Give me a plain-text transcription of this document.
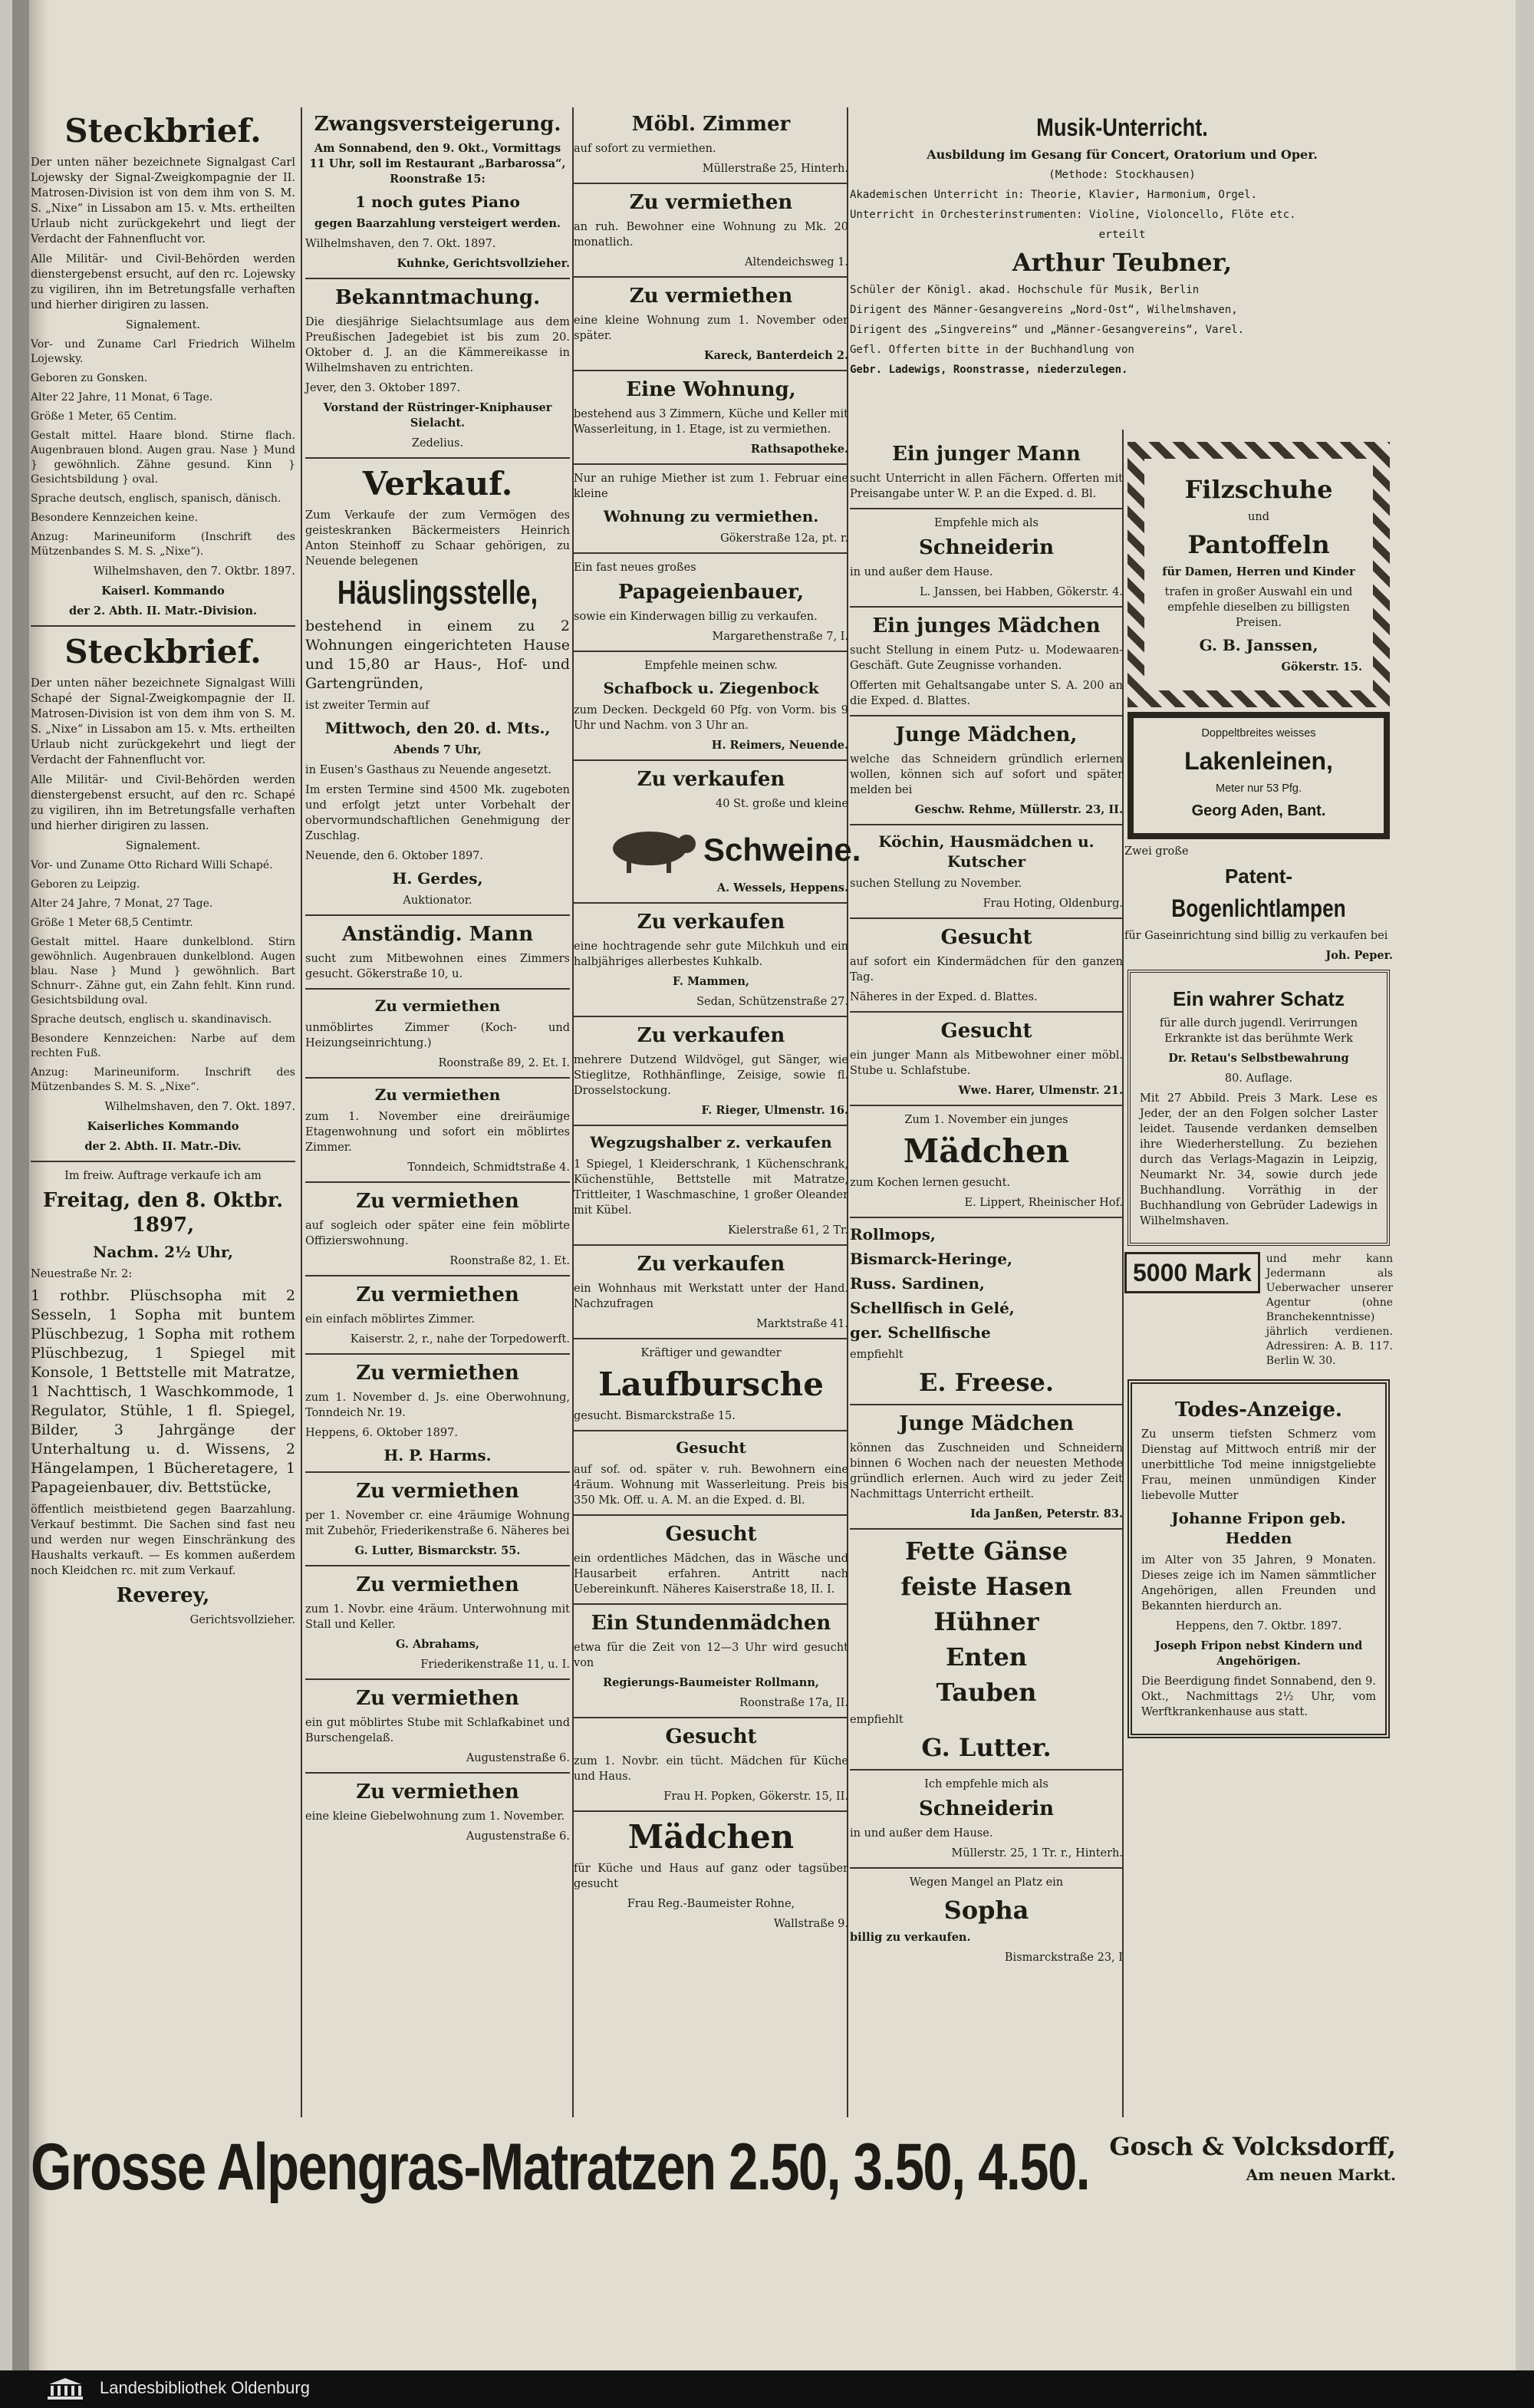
Steckbrief.

Der unten näher bezeichnete Signalgast Carl Lojewsky der Signal-Zweigkompagnie der II. Matrosen-Division ist von dem ihm von S. M. S. „Nixe“ in Lissabon am 15. v. Mts. ertheilten Urlaub nicht zurückgekehrt und liegt der Verdacht der Fahnenflucht vor.

Alle Militär- und Civil-Behörden werden dienstergebenst ersucht, auf den rc. Lojewsky zu vigiliren, ihn im Betretungsfalle verhaften und hierher dirigiren zu lassen.

Signalement.

Vor- und Zuname Carl Friedrich Wilhelm Lojewsky.

Geboren zu Gonsken.

Alter 22 Jahre, 11 Monat, 6 Tage.

Größe 1 Meter, 65 Centim.

Gestalt mittel. Haare blond. Stirne flach. Augenbrauen blond. Augen grau. Nase } Mund } gewöhnlich. Zähne gesund. Kinn } Gesichtsbildung } oval.

Sprache deutsch, englisch, spanisch, dänisch.

Besondere Kennzeichen keine.

Anzug: Marineuniform (Inschrift des Mützenbandes S. M. S. „Nixe“).

Wilhelmshaven, den 7. Oktbr. 1897.

Kaiserl. Kommando

der 2. Abth. II. Matr.-Division.

Steckbrief.

Der unten näher bezeichnete Signalgast Willi Schapé der Signal-Zweigkompagnie der II. Matrosen-Division ist von dem ihm von S. M. S. „Nixe“ in Lissabon am 15. v. Mts. ertheilten Urlaub nicht zurückgekehrt und liegt der Verdacht der Fahnenflucht vor.

Alle Militär- und Civil-Behörden werden dienstergebenst ersucht, auf den rc. Schapé zu vigiliren, ihn im Betretungsfalle verhaften und hierher dirigiren zu lassen.

Signalement.

Vor- und Zuname Otto Richard Willi Schapé.

Geboren zu Leipzig.

Alter 24 Jahre, 7 Monat, 27 Tage.

Größe 1 Meter 68,5 Centimtr.

Gestalt mittel. Haare dunkelblond. Stirn gewöhnlich. Augenbrauen dunkelblond. Augen blau. Nase } Mund } gewöhnlich. Bart Schnurr-. Zähne gut, ein Zahn fehlt. Kinn rund. Gesichtsbildung oval.

Sprache deutsch, englisch u. skandinavisch.

Besondere Kennzeichen: Narbe auf dem rechten Fuß.

Anzug: Marineuniform. Inschrift des Mützenbandes S. M. S. „Nixe“.

Wilhelmshaven, den 7. Okt. 1897.

Kaiserliches Kommando

der 2. Abth. II. Matr.-Div.

Im freiw. Auftrage verkaufe ich am

Freitag, den 8. Oktbr. 1897,
Nachm. 2½ Uhr,

Neuestraße Nr. 2:

1 rothbr. Plüschsopha mit 2 Sesseln, 1 Sopha mit buntem Plüschbezug, 1 Sopha mit rothem Plüschbezug, 1 Spiegel mit Konsole, 1 Bettstelle mit Matratze, 1 Nachttisch, 1 Waschkommode, 1 Regulator, Stühle, 1 fl. Spiegel, Bilder, 3 Jahrgänge der Unterhaltung u. d. Wissens, 2 Hängelampen, 1 Bücheretagere, 1 Papageienbauer, div. Bettstücke,

öffentlich meistbietend gegen Baarzahlung. Verkauf bestimmt. Die Sachen sind fast neu und werden nur wegen Einschränkung des Haushalts verkauft. — Es kommen außerdem noch Kleidchen rc. mit zum Verkauf.

Reverey,

Gerichtsvollzieher.

Zwangsversteigerung.

Am Sonnabend, den 9. Okt., Vormittags 11 Uhr, soll im Restaurant „Barbarossa“, Roonstraße 15:

1 noch gutes Piano

gegen Baarzahlung versteigert werden.

Wilhelmshaven, den 7. Okt. 1897.

Kuhnke, Gerichtsvollzieher.

Bekanntmachung.

Die diesjährige Sielachtsumlage aus dem Preußischen Jadegebiet ist bis zum 20. Oktober d. J. an die Kämmereikasse in Wilhelmshaven zu entrichten.

Jever, den 3. Oktober 1897.

Vorstand der Rüstringer-Kniphauser Sielacht.

Zedelius.

Verkauf.

Zum Verkaufe der zum Vermögen des geisteskranken Bäckermeisters Heinrich Anton Steinhoff zu Schaar gehörigen, zu Neuende belegenen

Häuslingsstelle,

bestehend in einem zu 2 Wohnungen eingerichteten Hause und 15,80 ar Haus-, Hof- und Gartengründen,

ist zweiter Termin auf

Mittwoch, den 20. d. Mts.,

Abends 7 Uhr,

in Eusen's Gasthaus zu Neuende angesetzt.

Im ersten Termine sind 4500 Mk. zugeboten und erfolgt jetzt unter Vorbehalt der obervormundschaftlichen Genehmigung der Zuschlag.

Neuende, den 6. Oktober 1897.

H. Gerdes,

Auktionator.

Anständig. Mann

sucht zum Mitbewohnen eines Zimmers gesucht. Gökerstraße 10, u.

Zu vermiethen

unmöblirtes Zimmer (Koch- und Heizungseinrichtung.)

Roonstraße 89, 2. Et. I.

Zu vermiethen

zum 1. November eine dreiräumige Etagenwohnung und sofort ein möblirtes Zimmer.

Tonndeich, Schmidtstraße 4.

Zu vermiethen

auf sogleich oder später eine fein möblirte Offizierswohnung.

Roonstraße 82, 1. Et.

Zu vermiethen

ein einfach möblirtes Zimmer.

Kaiserstr. 2, r., nahe der Torpedowerft.

Zu vermiethen

zum 1. November d. Js. eine Oberwohnung, Tonndeich Nr. 19.

Heppens, 6. Oktober 1897.

H. P. Harms.
Zu vermiethen

per 1. November cr. eine 4räumige Wohnung mit Zubehör, Friederikenstraße 6. Näheres bei

G. Lutter, Bismarckstr. 55.

Zu vermiethen

zum 1. Novbr. eine 4räum. Unterwohnung mit Stall und Keller.

G. Abrahams,

Friederikenstraße 11, u. I.

Zu vermiethen

ein gut möblirtes Stube mit Schlafkabinet und Burschengelaß.

Augustenstraße 6.

Zu vermiethen

eine kleine Giebelwohnung zum 1. November.

Augustenstraße 6.

Möbl. Zimmer

auf sofort zu vermiethen.

Müllerstraße 25, Hinterh.

Zu vermiethen

an ruh. Bewohner eine Wohnung zu Mk. 20 monatlich.

Altendeichsweg 1.

Zu vermiethen

eine kleine Wohnung zum 1. November oder später.

Kareck, Banterdeich 2.

Eine Wohnung,

bestehend aus 3 Zimmern, Küche und Keller mit Wasserleitung, in 1. Etage, ist zu vermiethen.

Rathsapotheke.

Nur an ruhige Miether ist zum 1. Februar eine kleine

Wohnung zu vermiethen.

Gökerstraße 12a, pt. r.

Ein fast neues großes

Papageienbauer,

sowie ein Kinderwagen billig zu verkaufen.

Margarethenstraße 7, I.

Empfehle meinen schw.

Schafbock u. Ziegenbock

zum Decken. Deckgeld 60 Pfg. von Vorm. bis 9 Uhr und Nachm. von 3 Uhr an.

H. Reimers, Neuende.

Zu verkaufen

40 St. große und kleine

Schweine.

A. Wessels, Heppens.

Zu verkaufen

eine hochtragende sehr gute Milchkuh und ein halbjähriges allerbestes Kuhkalb.

F. Mammen,

Sedan, Schützenstraße 27.

Zu verkaufen

mehrere Dutzend Wildvögel, gut Sänger, wie Stieglitze, Rothhänflinge, Zeisige, sowie fl. Drosselstockung.

F. Rieger, Ulmenstr. 16.

Wegzugshalber z. verkaufen

1 Spiegel, 1 Kleiderschrank, 1 Küchenschrank, Küchenstühle, Bettstelle mit Matratze, Trittleiter, 1 Waschmaschine, 1 großer Oleander mit Kübel.

Kielerstraße 61, 2 Tr.

Zu verkaufen

ein Wohnhaus mit Werkstatt unter der Hand. Nachzufragen

Marktstraße 41.

Kräftiger und gewandter

Laufbursche

gesucht. Bismarckstraße 15.

Gesucht

auf sof. od. später v. ruh. Bewohnern eine 4räum. Wohnung mit Wasserleitung. Preis bis 350 Mk. Off. u. A. M. an die Exped. d. Bl.

Gesucht

ein ordentliches Mädchen, das in Wäsche und Hausarbeit erfahren. Antritt nach Uebereinkunft. Näheres Kaiserstraße 18, II. I.

Ein Stundenmädchen

etwa für die Zeit von 12—3 Uhr wird gesucht von

Regierungs-Baumeister Rollmann,

Roonstraße 17a, II.

Gesucht

zum 1. Novbr. ein tücht. Mädchen für Küche und Haus.

Frau H. Popken, Gökerstr. 15, II.

Mädchen

für Küche und Haus auf ganz oder tagsüber gesucht

Frau Reg.-Baumeister Rohne,

Wallstraße 9.

Musik-Unterricht.

Ausbildung im Gesang für Concert, Oratorium und Oper.

(Methode: Stockhausen)

Akademischen Unterricht in: Theorie, Klavier, Harmonium, Orgel.

Unterricht in Orchesterinstrumenten: Violine, Violoncello, Flöte etc.

erteilt

Arthur Teubner,

Schüler der Königl. akad. Hochschule für Musik, Berlin

Dirigent des Männer-Gesangvereins „Nord-Ost“, Wilhelmshaven,

Dirigent des „Singvereins“ und „Männer-Gesangvereins“, Varel.

Gefl. Offerten bitte in der Buchhandlung von

Gebr. Ladewigs, Roonstrasse, niederzulegen.

Ein junger Mann

sucht Unterricht in allen Fächern. Offerten mit Preisangabe unter W. P. an die Exped. d. Bl.

Empfehle mich als

Schneiderin

in und außer dem Hause.

L. Janssen, bei Habben, Gökerstr. 4.

Ein junges Mädchen

sucht Stellung in einem Putz- u. Modewaaren-Geschäft. Gute Zeugnisse vorhanden.

Offerten mit Gehaltsangabe unter S. A. 200 an die Exped. d. Blattes.

Junge Mädchen,

welche das Schneidern gründlich erlernen wollen, können sich auf sofort und später melden bei

Geschw. Rehme, Müllerstr. 23, II.

Köchin, Hausmädchen u. Kutscher

suchen Stellung zu November.

Frau Hoting, Oldenburg.

Gesucht

auf sofort ein Kindermädchen für den ganzen Tag.

Näheres in der Exped. d. Blattes.

Gesucht

ein junger Mann als Mitbewohner einer möbl. Stube u. Schlafstube.

Wwe. Harer, Ulmenstr. 21.

Zum 1. November ein junges

Mädchen

zum Kochen lernen gesucht.

E. Lippert, Rheinischer Hof.

Rollmops,
Bismarck-Heringe,
Russ. Sardinen,
Schellfisch in Gelé,
ger. Schellfische

empfiehlt

E. Freese.
Junge Mädchen

können das Zuschneiden und Schneidern binnen 6 Wochen nach der neuesten Methode gründlich erlernen. Auch wird zu jeder Zeit Nachmittags Unterricht ertheilt.

Ida Janßen, Peterstr. 83.

Fette Gänse
feiste Hasen
Hühner
Enten
Tauben

empfiehlt

G. Lutter.

Ich empfehle mich als

Schneiderin

in und außer dem Hause.

Müllerstr. 25, 1 Tr. r., Hinterh.

Wegen Mangel an Platz ein

Sopha

billig zu verkaufen.

Bismarckstraße 23, I

Filzschuhe

und

Pantoffeln

für Damen, Herren und Kinder

trafen in großer Auswahl ein und empfehle dieselben zu billigsten Preisen.

G. B. Janssen,

Gökerstr. 15.

Doppeltbreites weisses

Lakenleinen,

Meter nur 53 Pfg.

Georg Aden, Bant.

Zwei große

Patent-
Bogenlichtlampen

für Gaseinrichtung sind billig zu verkaufen bei

Joh. Peper.

Ein wahrer Schatz

für alle durch jugendl. Verirrungen Erkrankte ist das berühmte Werk

Dr. Retau's Selbstbewahrung

80. Auflage.

Mit 27 Abbild. Preis 3 Mark. Lese es Jeder, der an den Folgen solcher Laster leidet. Tausende verdanken demselben ihre Wiederherstellung. Zu beziehen durch das Verlags-Magazin in Leipzig, Neumarkt Nr. 34, sowie durch jede Buchhandlung. Vorräthig in der Buchhandlung von Gebrüder Ladewigs in Wilhelmshaven.

5000 Mark	und mehr kann Jedermann als Ueberwacher unserer Agentur (ohne Branchekenntnisse) jährlich verdienen. Adressiren: A. B. 117. Berlin W. 30.

Todes-Anzeige.

Zu unserm tiefsten Schmerz vom Dienstag auf Mittwoch entriß mir der unerbittliche Tod meine innigstgeliebte Frau, meinen unmündigen Kinder liebevolle Mutter

Johanne Fripon geb. Hedden

im Alter von 35 Jahren, 9 Monaten. Dieses zeige ich im Namen sämmtlicher Angehörigen, allen Freunden und Bekannten hierdurch an.

Heppens, den 7. Oktbr. 1897.

Joseph Fripon nebst Kindern und Angehörigen.

Die Beerdigung findet Sonnabend, den 9. Okt., Nachmittags 2½ Uhr, vom Werftkrankenhause aus statt.

Grosse Alpengras-Matratzen 2.50, 3.50, 4.50. Gosch & Volcksdorff,
Am neuen Markt.
Landesbibliothek Oldenburg
